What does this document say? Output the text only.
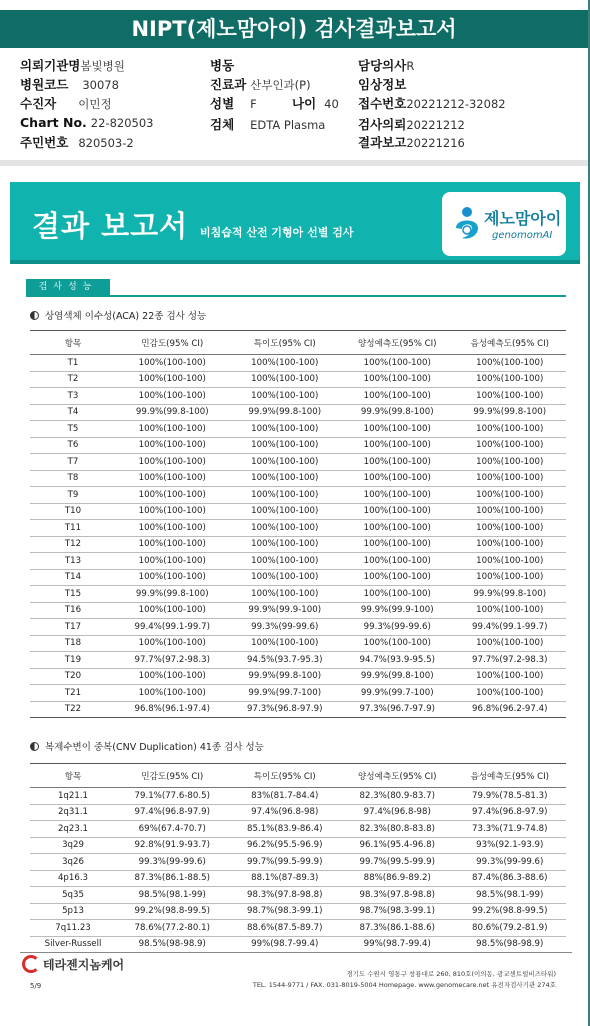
NIPT(제노맘아이) 검사결과보고서
의뢰기관명봄빛병원	병동	담당의사R
병원코드 30078	진료과 산부인과(P)	임상정보
수진자 이민정	성별 F	나이 40 접수번호20221212-32082
Chart No. 22-820503	검체 EDTA Plasma	검사의뢰20221212
주민번호 820503-2	결과보고20221216
결과 보고서 비침습적 산전 기형아 선별 검사
제노맘아이
genomomAI
검사성능
상염색체 이수성(ACA) 22종 검사 성능
항목	민감도(95% CI)	특이도(95% CI)	양성예측도(95% CI)	음성예측도(95% CI)
T1	100%(100-100)	100%(100-100)	100%(100-100)	100%(100-100)
T2	100%(100-100)	100%(100-100)	100%(100-100)	100%(100-100)
T3	100%(100-100)	100%(100-100)	100%(100-100)	100%(100-100)
T4	99.9%(99.8-100)	99.9%(99.8-100)	99.9%(99.8-100)	99.9%(99.8-100)
T5	100%(100-100)	100%(100-100)	100%(100-100)	100%(100-100)
T6	100%(100-100)	100%(100-100)	100%(100-100)	100%(100-100)
T7	100%(100-100)	100%(100-100)	100%(100-100)	100%(100-100)
T8	100%(100-100)	100%(100-100)	100%(100-100)	100%(100-100)
T9	100%(100-100)	100%(100-100)	100%(100-100)	100%(100-100)
T10	100%(100-100)	100%(100-100)	100%(100-100)	100%(100-100)
T11	100%(100-100)	100%(100-100)	100%(100-100)	100%(100-100)
T12	100%(100-100)	100%(100-100)	100%(100-100)	100%(100-100)
T13	100%(100-100)	100%(100-100)	100%(100-100)	100%(100-100)
T14	100%(100-100)	100%(100-100)	100%(100-100)	100%(100-100)
T15	99.9%(99.8-100)	100%(100-100)	100%(100-100)	99.9%(99.8-100)
T16	100%(100-100)	99.9%(99.9-100)	99.9%(99.9-100)	100%(100-100)
T17	99.4%(99.1-99.7)	99.3%(99-99.6)	99.3%(99-99.6)	99.4%(99.1-99.7)
T18	100%(100-100)	100%(100-100)	100%(100-100)	100%(100-100)
T19	97.7%(97.2-98.3)	94.5%(93.7-95.3)	94.7%(93.9-95.5)	97.7%(97.2-98.3)
T20	100%(100-100)	99.9%(99.8-100)	99.9%(99.8-100)	100%(100-100)
T21	100%(100-100)	99.9%(99.7-100)	99.9%(99.7-100)	100%(100-100)
T22	96.8%(96.1-97.4)	97.3%(96.8-97.9)	97.3%(96.7-97.9)	96.8%(96.2-97.4)
복제수변이 중복(CNV Duplication) 41종 검사 성능
항목	민감도(95% CI)	특이도(95% CI)	양성예측도(95% CI)	음성예측도(95% CI)
1q21.1	79.1%(77.6-80.5)	83%(81.7-84.4)	82.3%(80.9-83.7)	79.9%(78.5-81.3)
2q31.1	97.4%(96.8-97.9)	97.4%(96.8-98)	97.4%(96.8-98)	97.4%(96.8-97.9)
2q23.1	69%(67.4-70.7)	85.1%(83.9-86.4)	82.3%(80.8-83.8)	73.3%(71.9-74.8)
3q29	92.8%(91.9-93.7)	96.2%(95.5-96.9)	96.1%(95.4-96.8)	93%(92.1-93.9)
3q26	99.3%(99-99.6)	99.7%(99.5-99.9)	99.7%(99.5-99.9)	99.3%(99-99.6)
4p16.3	87.3%(86.1-88.5)	88.1%(87-89.3)	88%(86.9-89.2)	87.4%(86.3-88.6)
5q35	98.5%(98.1-99)	98.3%(97.8-98.8)	98.3%(97.8-98.8)	98.5%(98.1-99)
5p13	99.2%(98.8-99.5)	98.7%(98.3-99.1)	98.7%(98.3-99.1)	99.2%(98.8-99.5)
7q11.23	78.6%(77.2-80.1)	88.6%(87.5-89.7)	87.3%(86.1-88.6)	80.6%(79.2-81.9)
Silver-Russell	98.5%(98-98.9)	99%(98.7-99.4)	99%(98.7-99.4)	98.5%(98-98.9)
테라젠지놈케어
경기도 수원시 영통구 창룡대로 260, 810호(이의동, 광교센트럴비즈타워)
TEL. 1544-9771 / FAX. 031-8019-5004 Homepage. www.genomecare.net 유전자검사기관 274호
5/9
